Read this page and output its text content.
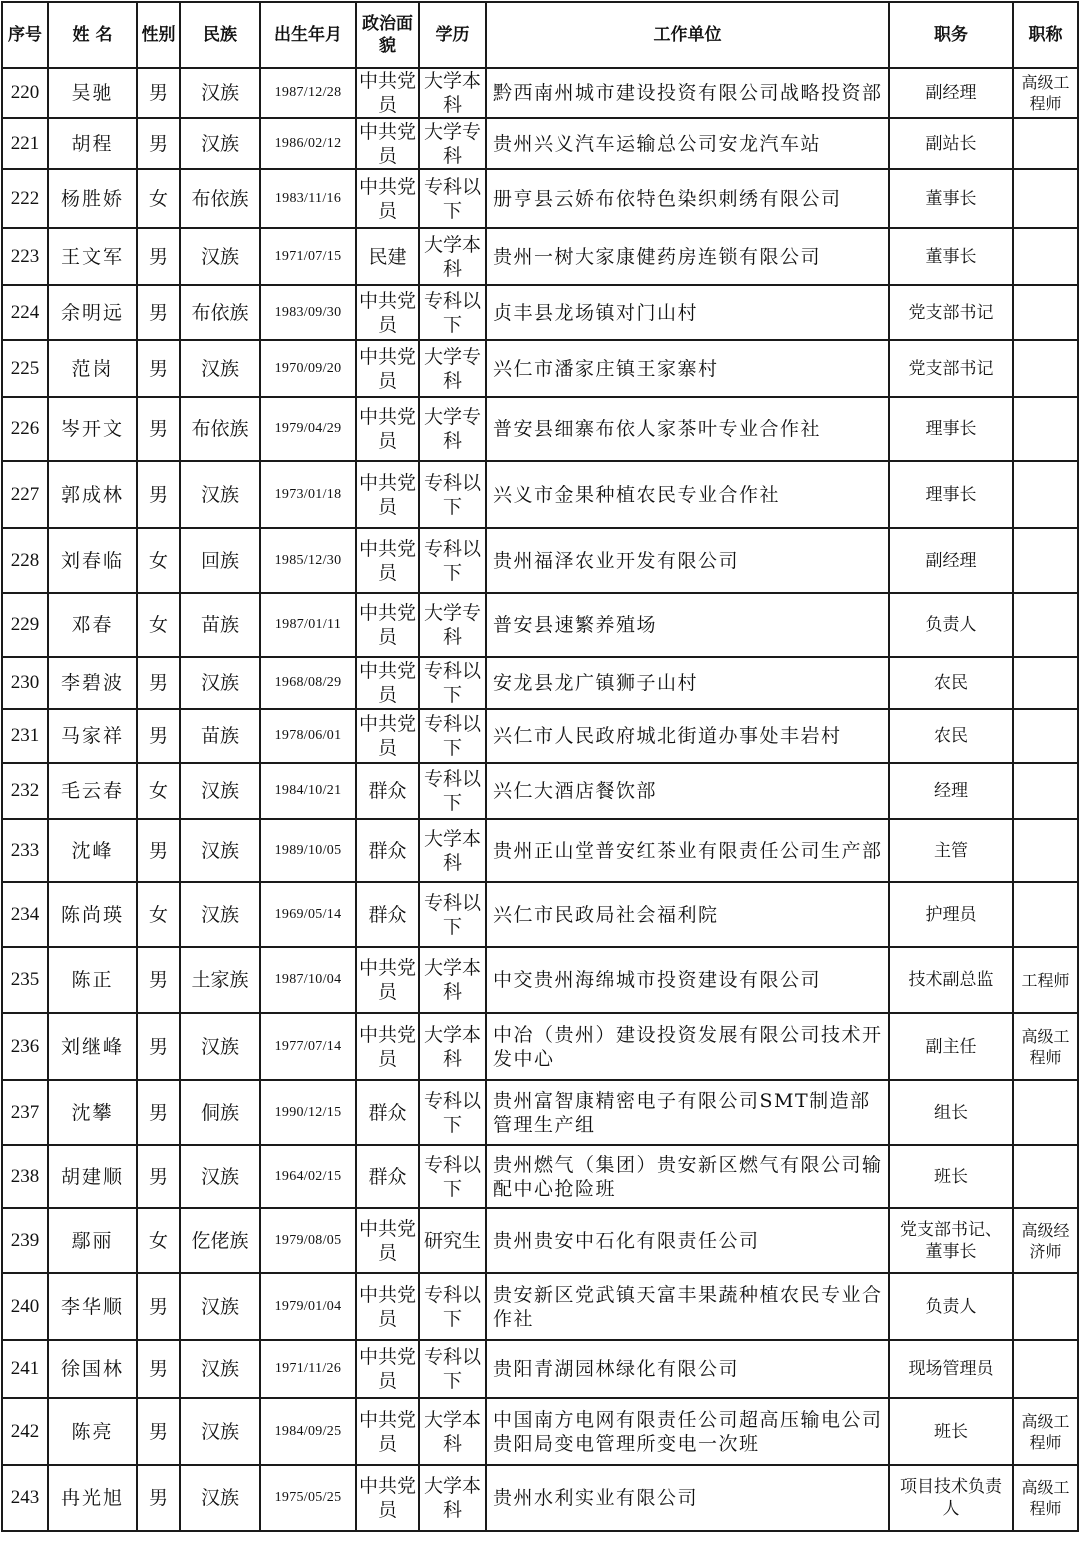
序号	姓 名	性别	民族	出生年月	政治面貌	学历	工作单位	职务	职称
220	吴驰	男	汉族	1987/12/28	中共党员	大学本科	黔西南州城市建设投资有限公司战略投资部	副经理	高级工程师
221	胡程	男	汉族	1986/02/12	中共党员	大学专科	贵州兴义汽车运输总公司安龙汽车站	副站长	
222	杨胜娇	女	布依族	1983/11/16	中共党员	专科以下	册亨县云娇布依特色染织刺绣有限公司	董事长	
223	王文军	男	汉族	1971/07/15	民建	大学本科	贵州一树大家康健药房连锁有限公司	董事长	
224	余明远	男	布依族	1983/09/30	中共党员	专科以下	贞丰县龙场镇对门山村	党支部书记	
225	范岗	男	汉族	1970/09/20	中共党员	大学专科	兴仁市潘家庄镇王家寨村	党支部书记	
226	岑开文	男	布依族	1979/04/29	中共党员	大学专科	普安县细寨布依人家茶叶专业合作社	理事长	
227	郭成林	男	汉族	1973/01/18	中共党员	专科以下	兴义市金果种植农民专业合作社	理事长	
228	刘春临	女	回族	1985/12/30	中共党员	专科以下	贵州福泽农业开发有限公司	副经理	
229	邓春	女	苗族	1987/01/11	中共党员	大学专科	普安县速繁养殖场	负责人	
230	李碧波	男	汉族	1968/08/29	中共党员	专科以下	安龙县龙广镇狮子山村	农民	
231	马家祥	男	苗族	1978/06/01	中共党员	专科以下	兴仁市人民政府城北街道办事处丰岩村	农民	
232	毛云春	女	汉族	1984/10/21	群众	专科以下	兴仁大酒店餐饮部	经理	
233	沈峰	男	汉族	1989/10/05	群众	大学本科	贵州正山堂普安红茶业有限责任公司生产部	主管	
234	陈尚瑛	女	汉族	1969/05/14	群众	专科以下	兴仁市民政局社会福利院	护理员	
235	陈正	男	土家族	1987/10/04	中共党员	大学本科	中交贵州海绵城市投资建设有限公司	技术副总监	工程师
236	刘继峰	男	汉族	1977/07/14	中共党员	大学本科	中冶（贵州）建设投资发展有限公司技术开发中心	副主任	高级工程师
237	沈攀	男	侗族	1990/12/15	群众	专科以下	贵州富智康精密电子有限公司SMT制造部管理生产组	组长	
238	胡建顺	男	汉族	1964/02/15	群众	专科以下	贵州燃气（集团）贵安新区燃气有限公司输配中心抢险班	班长	
239	鄢丽	女	仡佬族	1979/08/05	中共党员	研究生	贵州贵安中石化有限责任公司	党支部书记、董事长	高级经济师
240	李华顺	男	汉族	1979/01/04	中共党员	专科以下	贵安新区党武镇天富丰果蔬种植农民专业合作社	负责人	
241	徐国林	男	汉族	1971/11/26	中共党员	专科以下	贵阳青湖园林绿化有限公司	现场管理员	
242	陈亮	男	汉族	1984/09/25	中共党员	大学本科	中国南方电网有限责任公司超高压输电公司贵阳局变电管理所变电一次班	班长	高级工程师
243	冉光旭	男	汉族	1975/05/25	中共党员	大学本科	贵州水利实业有限公司	项目技术负责人	高级工程师
